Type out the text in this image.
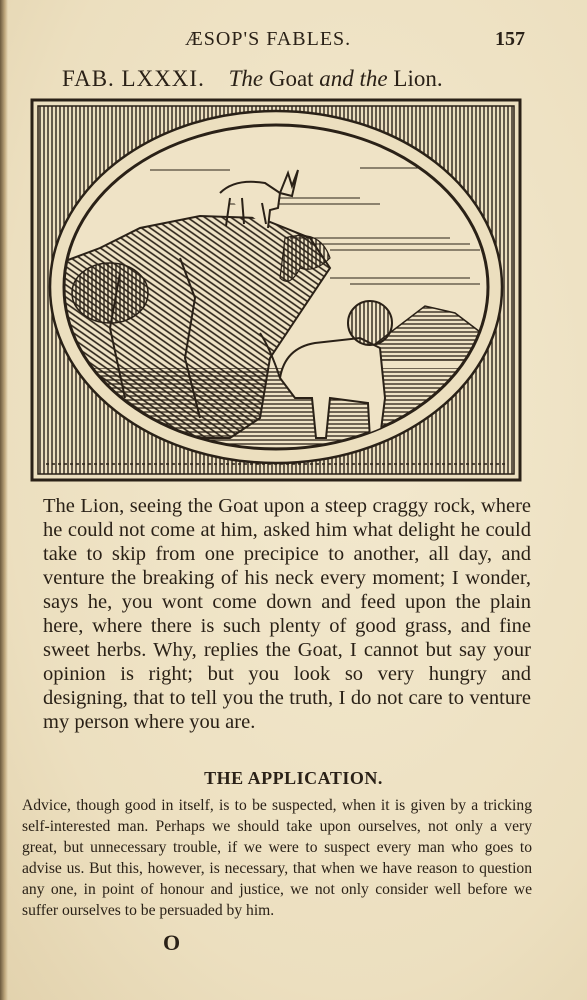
ÆSOP'S FABLES.	157
FAB. LXXXI. The Goat and the Lion.

The Lion, seeing the Goat upon a steep craggy rock, where he could not come at him, asked him what delight he could take to skip from one precipice to another, all day, and venture the breaking of his neck every moment; I wonder, says he, you wont come down and feed upon the plain here, where there is such plenty of good grass, and fine sweet herbs. Why, replies the Goat, I cannot but say your opinion is right; but you look so very hungry and designing, that to tell you the truth, I do not care to venture my person where you are.

THE APPLICATION.
Advice, though good in itself, is to be suspected, when it is given by a tricking self-interested man. Perhaps we should take upon ourselves, not only a very great, but unnecessary trouble, if we were to suspect every man who goes to advise us. But this, however, is necessary, that when we have reason to question any one, in point of honour and justice, we not only consider well before we suffer ourselves to be persuaded by him.
O
